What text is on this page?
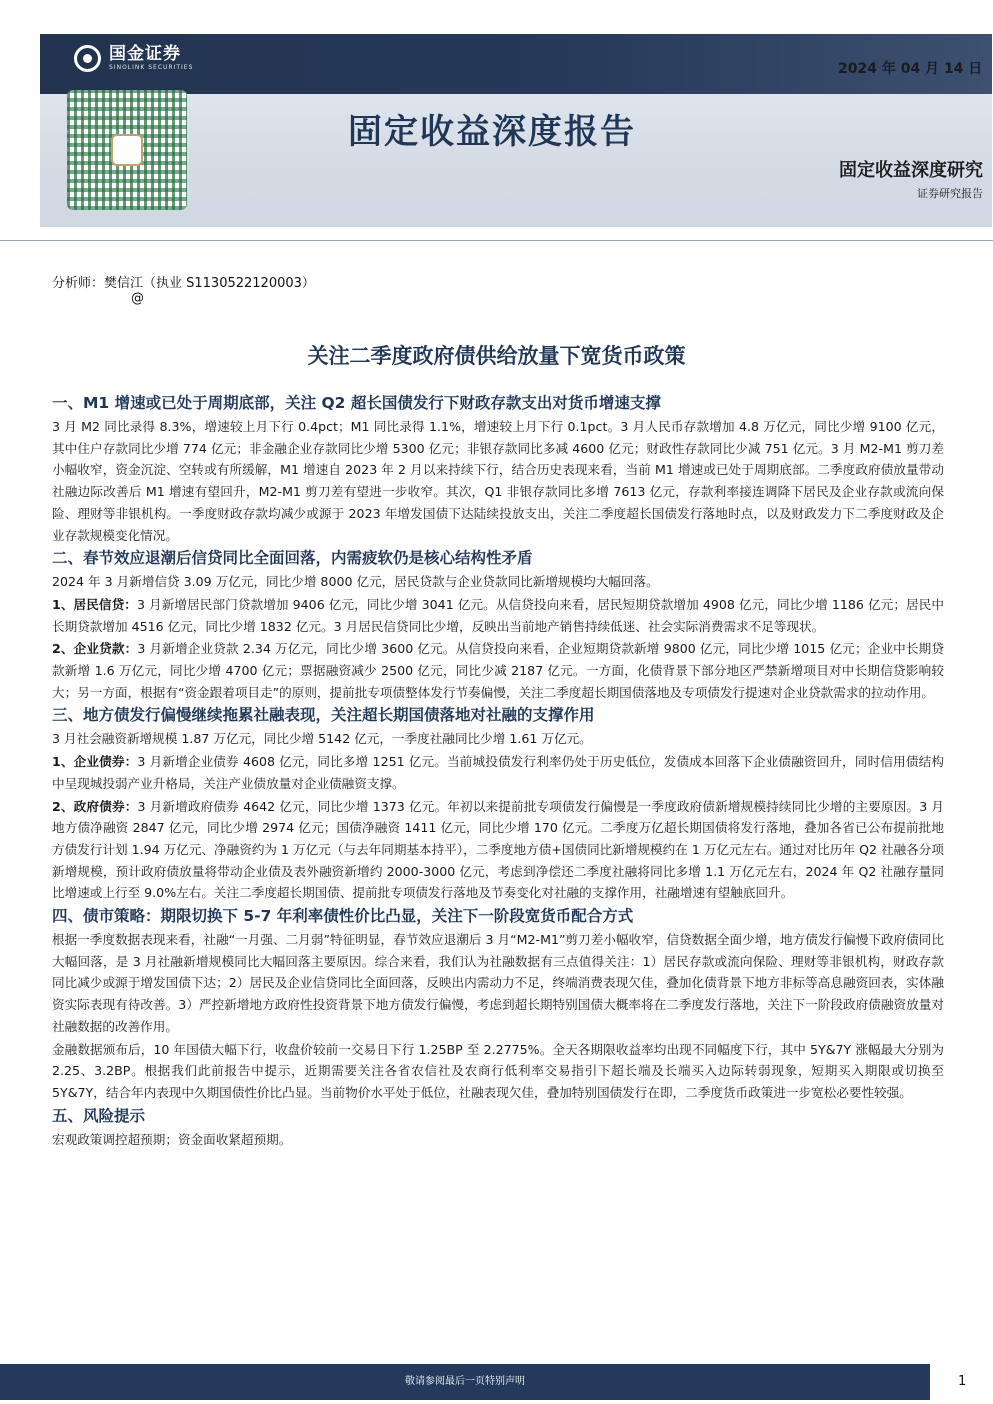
国金证券
SINOLINK SECURITIES	2024 年 04 月 14 日
固定收益深度报告
固定收益深度研究
证券研究报告
分析师：樊信江（执业 S1130522120003）
@
关注二季度政府债供给放量下宽货币政策
一、M1 增速或已处于周期底部，关注 Q2 超长国债发行下财政存款支出对货币增速支撑

3 月 M2 同比录得 8.3%，增速较上月下行 0.4pct；M1 同比录得 1.1%，增速较上月下行 0.1pct。3 月人民币存款增加 4.8 万亿元，同比少增 9100 亿元，其中住户存款同比少增 774 亿元；非金融企业存款同比少增 5300 亿元；非银存款同比多减 4600 亿元；财政性存款同比少减 751 亿元。3 月 M2-M1 剪刀差小幅收窄，资金沉淀、空转或有所缓解，M1 增速自 2023 年 2 月以来持续下行，结合历史表现来看，当前 M1 增速或已处于周期底部。二季度政府债放量带动社融边际改善后 M1 增速有望回升，M2-M1 剪刀差有望进一步收窄。其次，Q1 非银存款同比多增 7613 亿元，存款利率接连调降下居民及企业存款或流向保险、理财等非银机构。一季度财政存款均减少或源于 2023 年增发国债下达陆续投放支出，关注二季度超长国债发行落地时点，以及财政发力下二季度财政及企业存款规模变化情况。

二、春节效应退潮后信贷同比全面回落，内需疲软仍是核心结构性矛盾

2024 年 3 月新增信贷 3.09 万亿元，同比少增 8000 亿元，居民贷款与企业贷款同比新增规模均大幅回落。

1、居民信贷：3 月新增居民部门贷款增加 9406 亿元，同比少增 3041 亿元。从信贷投向来看，居民短期贷款增加 4908 亿元，同比少增 1186 亿元；居民中长期贷款增加 4516 亿元，同比少增 1832 亿元。3 月居民信贷同比少增，反映出当前地产销售持续低迷、社会实际消费需求不足等现状。

2、企业贷款：3 月新增企业贷款 2.34 万亿元，同比少增 3600 亿元。从信贷投向来看，企业短期贷款新增 9800 亿元，同比少增 1015 亿元；企业中长期贷款新增 1.6 万亿元，同比少增 4700 亿元；票据融资减少 2500 亿元，同比少减 2187 亿元。一方面，化债背景下部分地区严禁新增项目对中长期信贷影响较大；另一方面，根据有“资金跟着项目走”的原则，提前批专项债整体发行节奏偏慢，关注二季度超长期国债落地及专项债发行提速对企业贷款需求的拉动作用。

三、地方债发行偏慢继续拖累社融表现，关注超长期国债落地对社融的支撑作用

3 月社会融资新增规模 1.87 万亿元，同比少增 5142 亿元，一季度社融同比少增 1.61 万亿元。

1、企业债券：3 月新增企业债券 4608 亿元，同比多增 1251 亿元。当前城投债发行利率仍处于历史低位，发债成本回落下企业债融资回升，同时信用债结构中呈现城投弱产业升格局，关注产业债放量对企业债融资支撑。

2、政府债券：3 月新增政府债券 4642 亿元，同比少增 1373 亿元。年初以来提前批专项债发行偏慢是一季度政府债新增规模持续同比少增的主要原因。3 月地方债净融资 2847 亿元，同比少增 2974 亿元；国债净融资 1411 亿元，同比少增 170 亿元。二季度万亿超长期国债将发行落地，叠加各省已公布提前批地方债发行计划 1.94 万亿元、净融资约为 1 万亿元（与去年同期基本持平），二季度地方债+国债同比新增规模约在 1 万亿元左右。通过对比历年 Q2 社融各分项新增规模，预计政府债放量将带动企业债及表外融资新增约 2000-3000 亿元，考虑到净偿还二季度社融将同比多增 1.1 万亿元左右，2024 年 Q2 社融存量同比增速或上行至 9.0%左右。关注二季度超长期国债、提前批专项债发行落地及节奏变化对社融的支撑作用，社融增速有望触底回升。

四、债市策略：期限切换下 5-7 年利率债性价比凸显，关注下一阶段宽货币配合方式

根据一季度数据表现来看，社融“一月强、二月弱”特征明显，春节效应退潮后 3 月“M2-M1”剪刀差小幅收窄，信贷数据全面少增，地方债发行偏慢下政府债同比大幅回落，是 3 月社融新增规模同比大幅回落主要原因。综合来看，我们认为社融数据有三点值得关注：1）居民存款或流向保险、理财等非银机构，财政存款同比减少或源于增发国债下达；2）居民及企业信贷同比全面回落，反映出内需动力不足，终端消费表现欠佳，叠加化债背景下地方非标等高息融资回表，实体融资实际表现有待改善。3）严控新增地方政府性投资背景下地方债发行偏慢，考虑到超长期特别国债大概率将在二季度发行落地，关注下一阶段政府债融资放量对社融数据的改善作用。

金融数据颁布后，10 年国债大幅下行，收盘价较前一交易日下行 1.25BP 至 2.2775%。全天各期限收益率均出现不同幅度下行，其中 5Y&7Y 涨幅最大分别为 2.25、3.2BP。根据我们此前报告中提示，近期需要关注各省农信社及农商行低利率交易指引下超长端及长端买入边际转弱现象，短期买入期限或切换至 5Y&7Y，结合年内表现中久期国债性价比凸显。当前物价水平处于低位，社融表现欠佳，叠加特别国债发行在即，二季度货币政策进一步宽松必要性较强。

五、风险提示

宏观政策调控超预期；资金面收紧超预期。

敬请参阅最后一页特别声明	1
